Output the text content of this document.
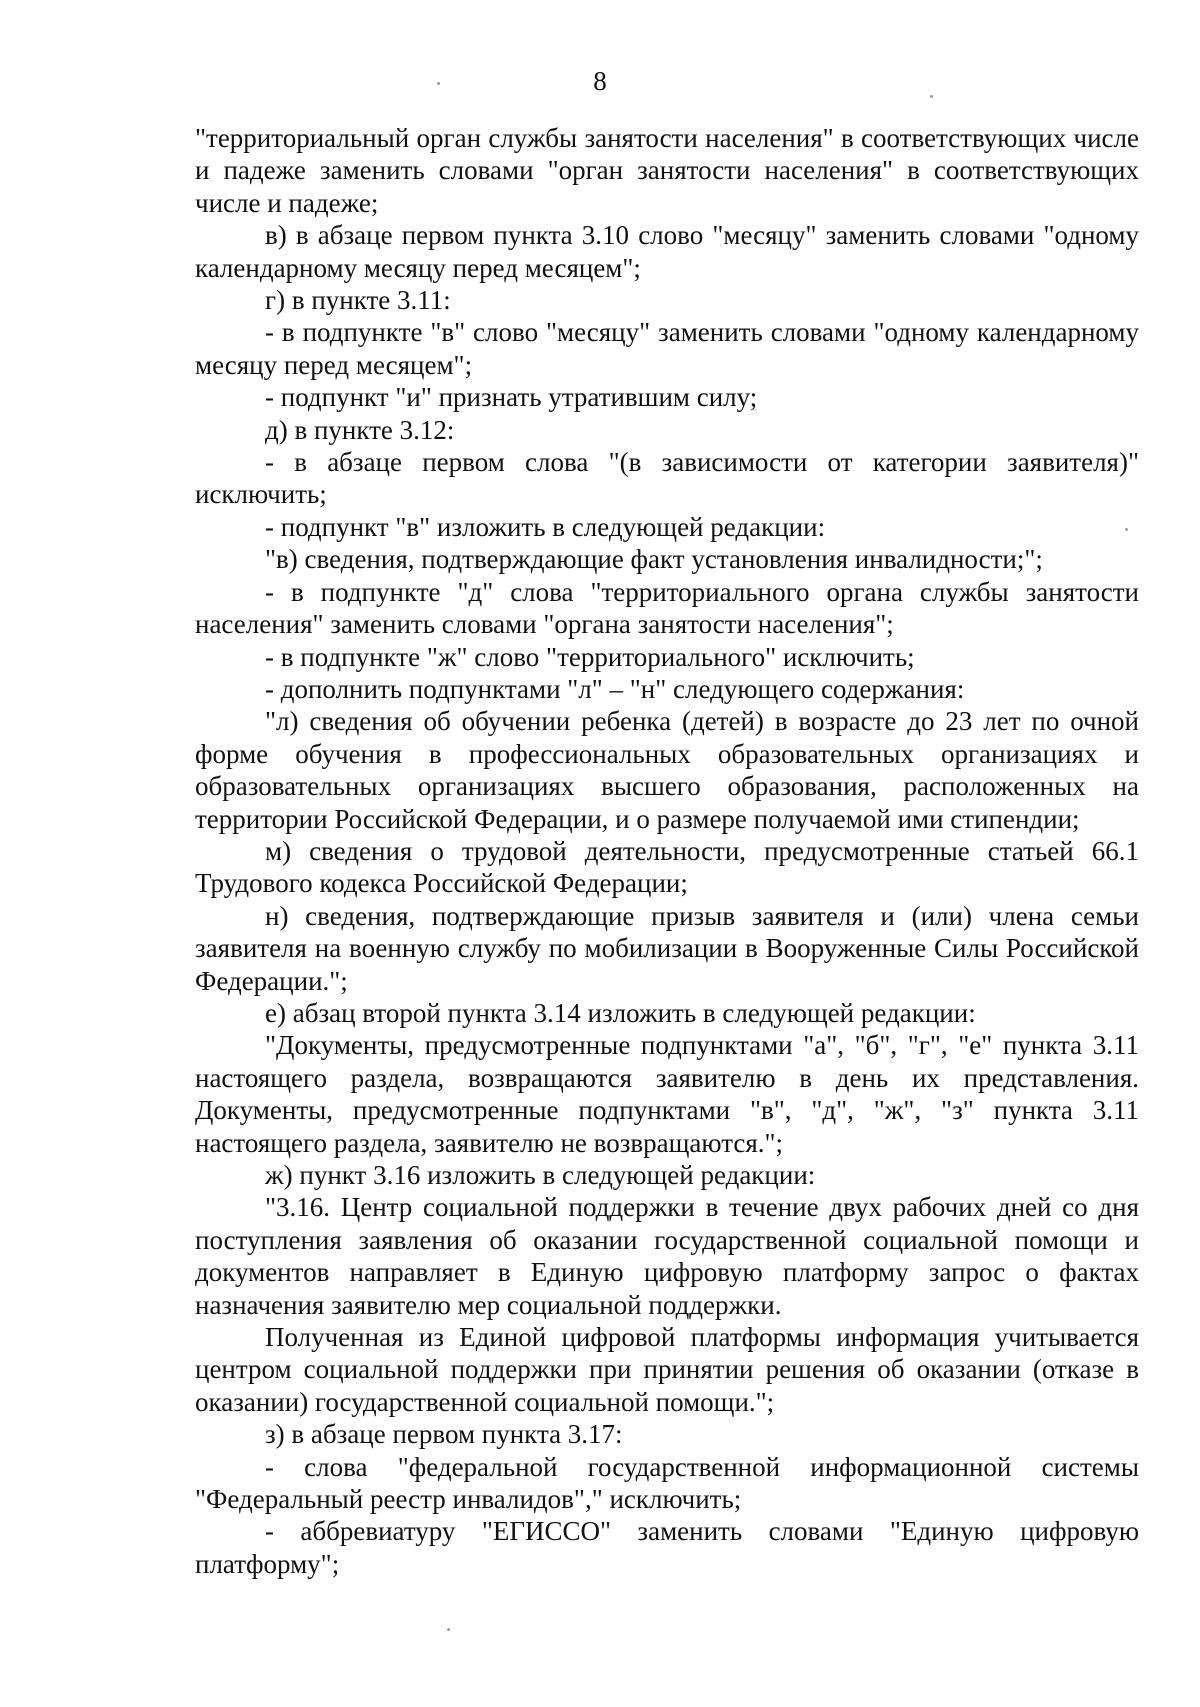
8

"территориальный орган службы занятости населения" в соответствующих числе и падеже заменить словами "орган занятости населения" в соответствующих числе и падеже;

в) в абзаце первом пункта 3.10 слово "месяцу" заменить словами "одному календарному месяцу перед месяцем";

г) в пункте 3.11:

- в подпункте "в" слово "месяцу" заменить словами "одному календарному месяцу перед месяцем";

- подпункт "и" признать утратившим силу;

д) в пункте 3.12:

- в абзаце первом слова "(в зависимости от категории заявителя)" исключить;

- подпункт "в" изложить в следующей редакции:

"в) сведения, подтверждающие факт установления инвалидности;";

- в подпункте "д" слова "территориального органа службы занятости населения" заменить словами "органа занятости населения";

- в подпункте "ж" слово "территориального" исключить;

- дополнить подпунктами "л" – "н" следующего содержания:

"л) сведения об обучении ребенка (детей) в возрасте до 23 лет по очной форме обучения в профессиональных образовательных организациях и образовательных организациях высшего образования, расположенных на территории Российской Федерации, и о размере получаемой ими стипендии;

м) сведения о трудовой деятельности, предусмотренные статьей 66.1 Трудового кодекса Российской Федерации;

н) сведения, подтверждающие призыв заявителя и (или) члена семьи заявителя на военную службу по мобилизации в Вооруженные Силы Российской Федерации.";

е) абзац второй пункта 3.14 изложить в следующей редакции:

"Документы, предусмотренные подпунктами "а", "б", "г", "е" пункта 3.11 настоящего раздела, возвращаются заявителю в день их представления. Документы, предусмотренные подпунктами "в", "д", "ж", "з" пункта 3.11 настоящего раздела, заявителю не возвращаются.";

ж) пункт 3.16 изложить в следующей редакции:

"3.16. Центр социальной поддержки в течение двух рабочих дней со дня поступления заявления об оказании государственной социальной помощи и документов направляет в Единую цифровую платформу запрос о фактах назначения заявителю мер социальной поддержки.

Полученная из Единой цифровой платформы информация учитывается центром социальной поддержки при принятии решения об оказании (отказе в оказании) государственной социальной помощи.";

з) в абзаце первом пункта 3.17:

- слова "федеральной государственной информационной системы "Федеральный реестр инвалидов"," исключить;

- аббревиатуру "ЕГИССО" заменить словами "Единую цифровую платформу";
